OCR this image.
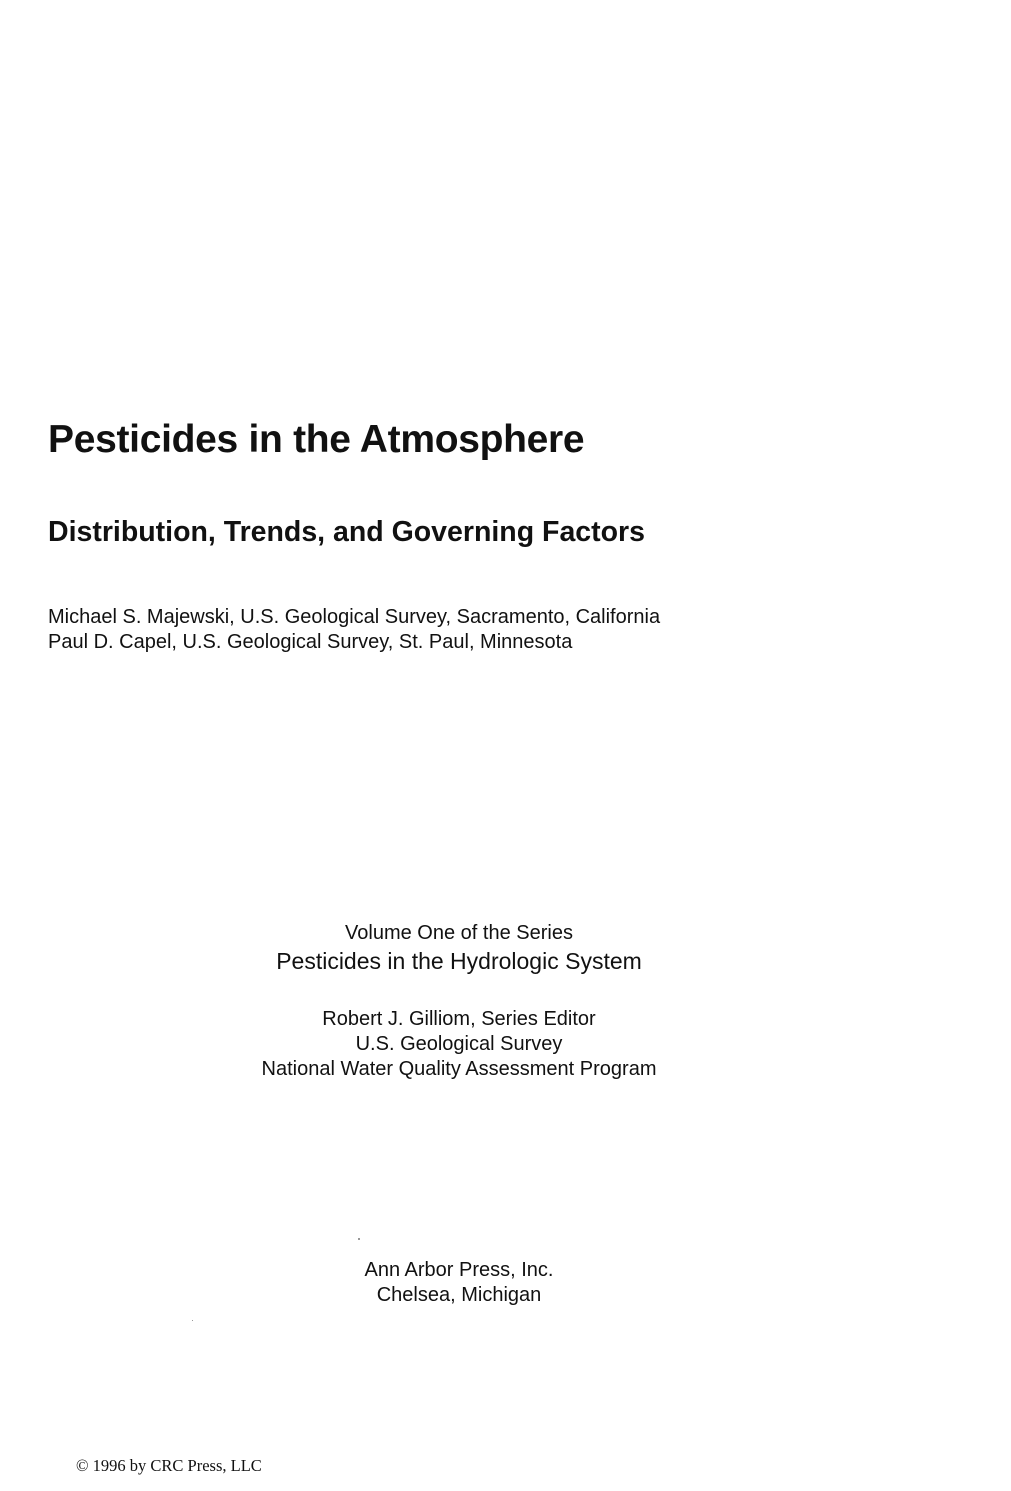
Pesticides in the Atmosphere
Distribution, Trends, and Governing Factors
Michael S. Majewski, U.S. Geological Survey, Sacramento, California
Paul D. Capel, U.S. Geological Survey, St. Paul, Minnesota
Volume One of the Series
Pesticides in the Hydrologic System
Robert J. Gilliom, Series Editor
U.S. Geological Survey
National Water Quality Assessment Program
Ann Arbor Press, Inc.
Chelsea, Michigan
© 1996 by CRC Press, LLC
